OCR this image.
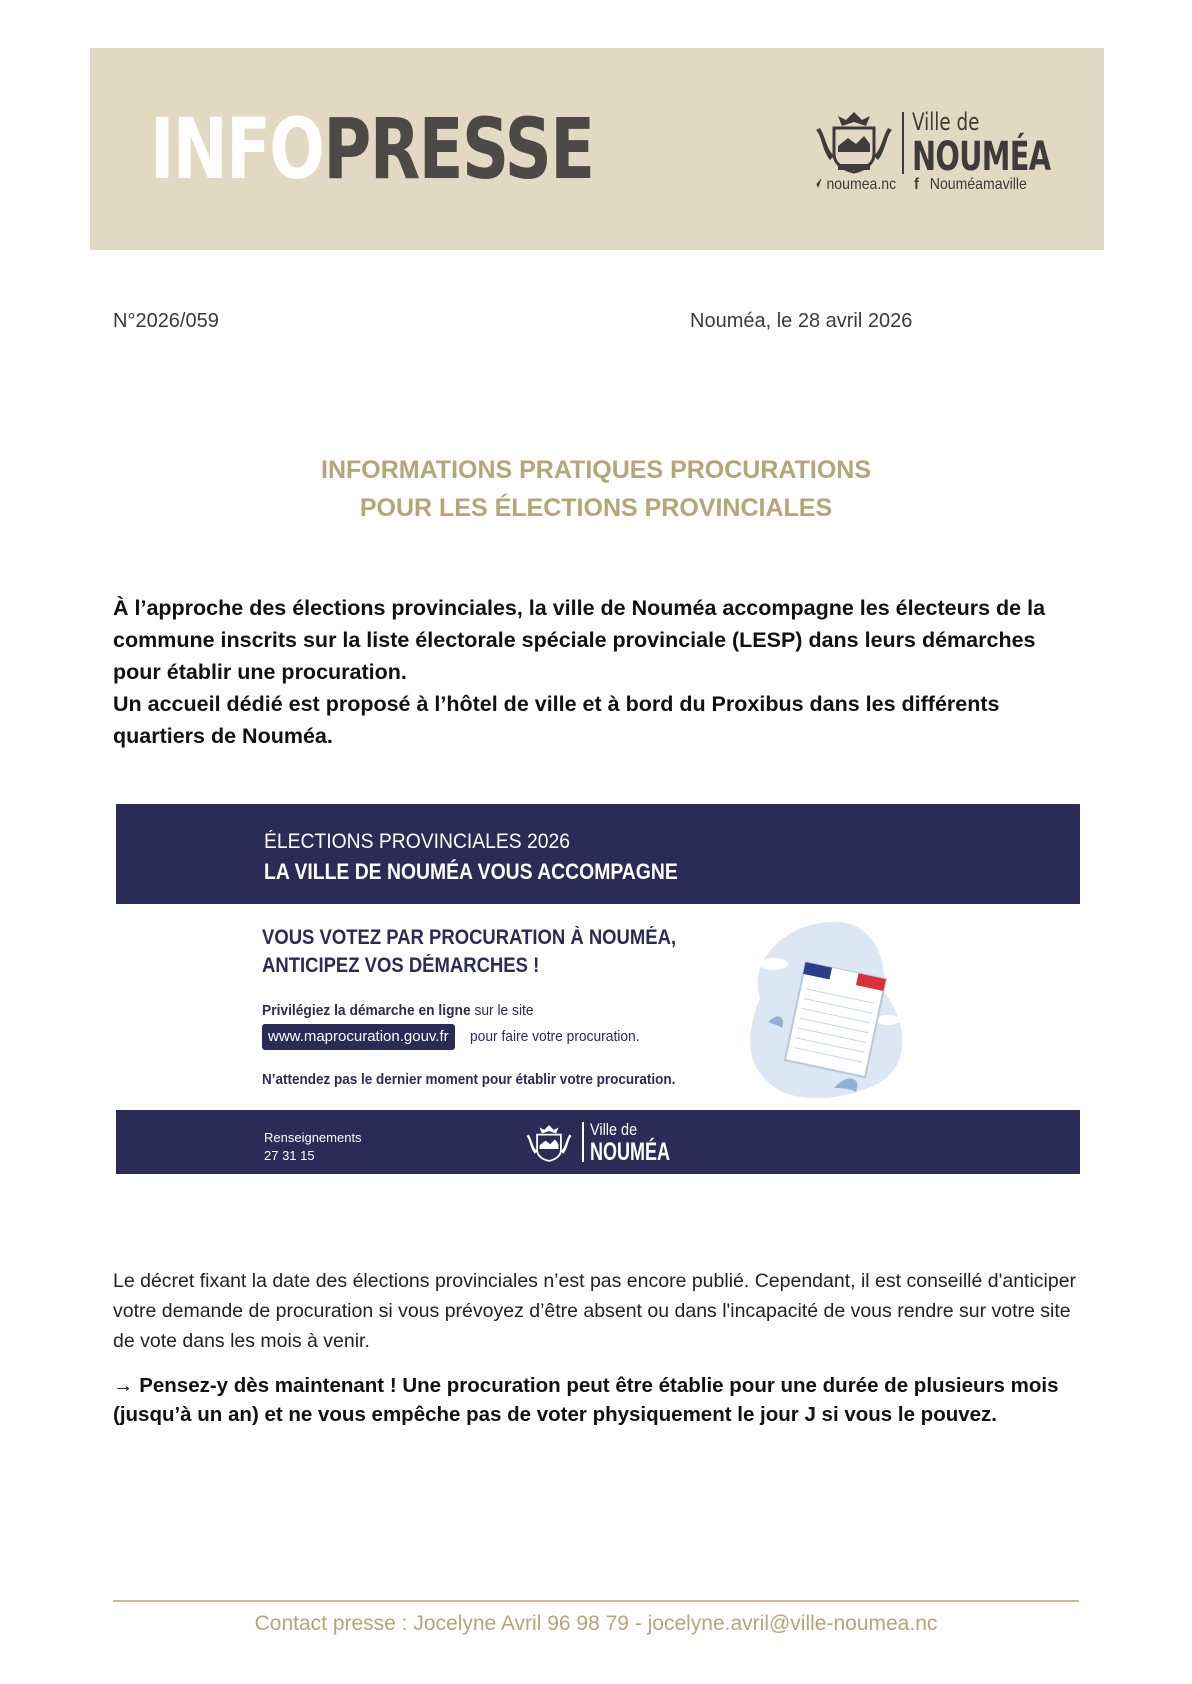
INFO PRESSE	Ville de
NOUMÉA
noumea.nc f Nouméamaville
N°2026/059	Nouméa, le 28 avril 2026
INFORMATIONS PRATIQUES PROCURATIONS
POUR LES ÉLECTIONS PROVINCIALES

À l’approche des élections provinciales, la ville de Nouméa accompagne les électeurs de la commune inscrits sur la liste électorale spéciale provinciale (LESP) dans leurs démarches pour établir une procuration.

Un accueil dédié est proposé à l’hôtel de ville et à bord du Proxibus dans les différents quartiers de Nouméa.

ÉLECTIONS PROVINCIALES 2026
LA VILLE DE NOUMÉA VOUS ACCOMPAGNE
VOUS VOTEZ PAR PROCURATION À NOUMÉA,
ANTICIPEZ VOS DÉMARCHES !
Privilégiez la démarche en ligne sur le site
www.maprocuration.gouv.fr	pour faire votre procuration.
N’attendez pas le dernier moment pour établir votre procuration.
Renseignements
27 31 15
Ville de
NOUMÉA

Le décret fixant la date des élections provinciales n’est pas encore publié. Cependant, il est conseillé d'anticiper votre demande de procuration si vous prévoyez d’être absent ou dans l'incapacité de vous rendre sur votre site de vote dans les mois à venir.

→ Pensez-y dès maintenant ! Une procuration peut être établie pour une durée de plusieurs mois (jusqu’à un an) et ne vous empêche pas de voter physiquement le jour J si vous le pouvez.

Contact presse : Jocelyne Avril 96 98 79 - jocelyne.avril@ville-noumea.nc
